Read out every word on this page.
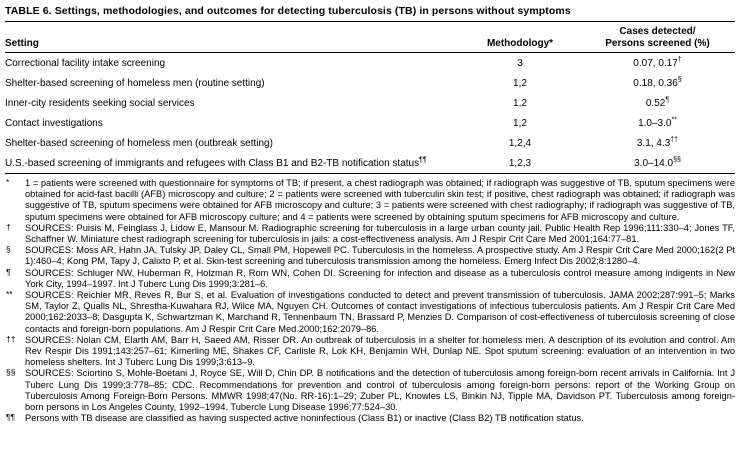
TABLE 6. Settings, methodologies, and outcomes for detecting tuberculosis (TB) in persons without symptoms
Setting	Methodology*	Cases detected/
Persons screened (%)
Correctional facility intake screening	3	0.07, 0.17†
Shelter-based screening of homeless men (routine setting)	1,2	0.18, 0.36§
Inner-city residents seeking social services	1,2	0.52¶
Contact investigations	1,2	1.0–3.0**
Shelter-based screening of homeless men (outbreak setting)	1,2,4	3.1, 4.3††
U.S.-based screening of immigrants and refugees with Class B1 and B2-TB notification status¶¶	1,2,3	3.0–14.0§§
* 1 = patients were screened with questionnaire for symptoms of TB; if present, a chest radiograph was obtained; if radiograph was suggestive of TB, sputum specimens were obtained for acid-fast bacilli (AFB) microscopy and culture; 2 = patients were screened with tuberculin skin test; if positive, chest radiograph was obtained; if radiograph was suggestive of TB, sputum specimens were obtained for AFB microscopy and culture; 3 = patients were screened with chest radiography; if radiograph was suggestive of TB, sputum specimens were obtained for AFB microscopy culture; and 4 = patients were screened by obtaining sputum specimens for AFB microscopy and culture.
† SOURCES: Puisis M, Feinglass J, Lidow E, Mansour M. Radiographic screening for tuberculosis in a large urban county jail. Public Health Rep 1996;111:330–4; Jones TF, Schaffner W. Miniature chest radiograph screening for tuberculosis in jails: a cost-effectiveness analysis. Am J Respir Crit Care Med 2001;164:77–81.
§ SOURCES: Moss AR, Hahn JA, Tulsky JP, Daley CL, Small PM, Hopewell PC. Tuberculosis in the homeless. A prospective study. Am J Respir Crit Care Med 2000;162(2 Pt 1):460–4; Kong PM, Tapy J, Calixto P, et al. Skin-test screening and tuberculosis transmission among the homeless. Emerg Infect Dis 2002;8:1280–4.
¶ SOURCES: Schluger NW, Huberman R, Holzman R, Rom WN, Cohen DI. Screening for infection and disease as a tuberculosis control measure among indigents in New York City, 1994–1997. Int J Tuberc Lung Dis 1999;3:281–6.
** SOURCES: Reichler MR, Reves R, Bur S, et al. Evaluation of investigations conducted to detect and prevent transmission of tuberculosis. JAMA 2002;287:991–5; Marks SM, Taylor Z, Qualls NL, Shrestha-Kuwahara RJ, Wilce MA, Nguyen CH. Outcomes of contact investigations of infectious tuberculosis patients. Am J Respir Crit Care Med 2000;162:2033–8; Dasgupta K, Schwartzman K, Marchand R, Tennenbaum TN, Brassard P, Menzies D. Comparison of cost-effectiveness of tuberculosis screening of close contacts and foreign-born populations. Am J Respir Crit Care Med 2000;162:2079–86.
†† SOURCES: Nolan CM, Elarth AM, Barr H, Saeed AM, Risser DR. An outbreak of tuberculosis in a shelter for homeless men. A description of its evolution and control. Am Rev Respir Dis 1991;143:257–61; Kimerling ME, Shakes CF, Carlisle R, Lok KH, Benjamin WH, Dunlap NE. Spot sputum screening: evaluation of an intervention in two homeless shelters. Int J Tuberc Lung Dis 1999;3:613–9.
§§ SOURCES: Sciortino S, Mohle-Boetani J, Royce SE, Will D, Chin DP. B notifications and the detection of tuberculosis among foreign-born recent arrivals in California. Int J Tuberc Lung Dis 1999;3:778–85; CDC. Recommendations for prevention and control of tuberculosis among foreign-born persons: report of the Working Group on Tuberculosis Among Foreign-Born Persons. MMWR 1998;47(No. RR-16):1–29; Zuber PL, Knowles LS, Binkin NJ, Tipple MA, Davidson PT. Tuberculosis among foreign-born persons in Los Angeles County, 1992–1994. Tubercle Lung Disease 1996;77:524–30.
¶¶ Persons with TB disease are classified as having suspected active noninfectious (Class B1) or inactive (Class B2) TB notification status.
